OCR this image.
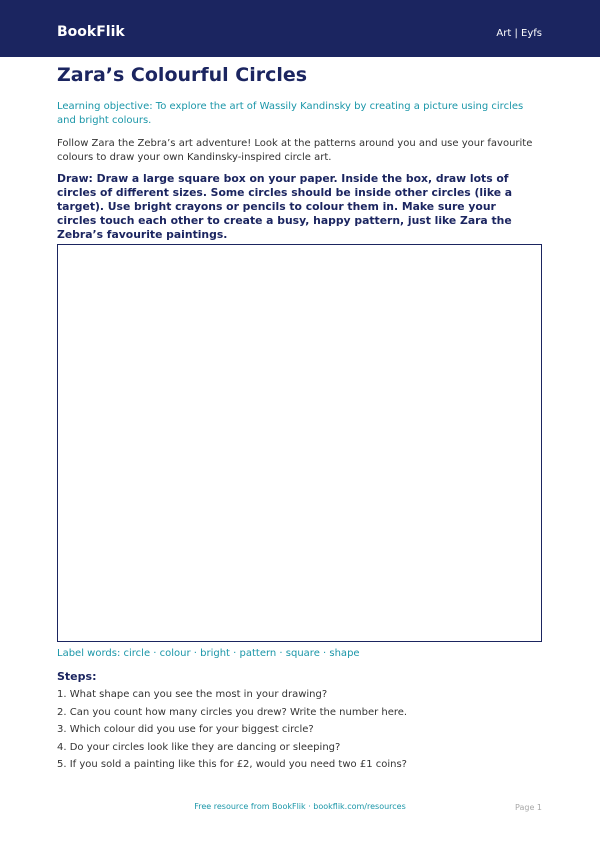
BookFlik	Art | Eyfs
Zara’s Colourful Circles

Learning objective: To explore the art of Wassily Kandinsky by creating a picture using circles and bright colours.

Follow Zara the Zebra’s art adventure! Look at the patterns around you and use your favourite colours to draw your own Kandinsky-inspired circle art.

Draw: Draw a large square box on your paper. Inside the box, draw lots of circles of different sizes. Some circles should be inside other circles (like a target). Use bright crayons or pencils to colour them in. Make sure your circles touch each other to create a busy, happy pattern, just like Zara the Zebra’s favourite paintings.

Label words: circle · colour · bright · pattern · square · shape

Steps:
1. What shape can you see the most in your drawing?
2. Can you count how many circles you drew? Write the number here.
3. Which colour did you use for your biggest circle?
4. Do your circles look like they are dancing or sleeping?
5. If you sold a painting like this for £2, would you need two £1 coins?
Free resource from BookFlik · bookflik.com/resources	Page 1
